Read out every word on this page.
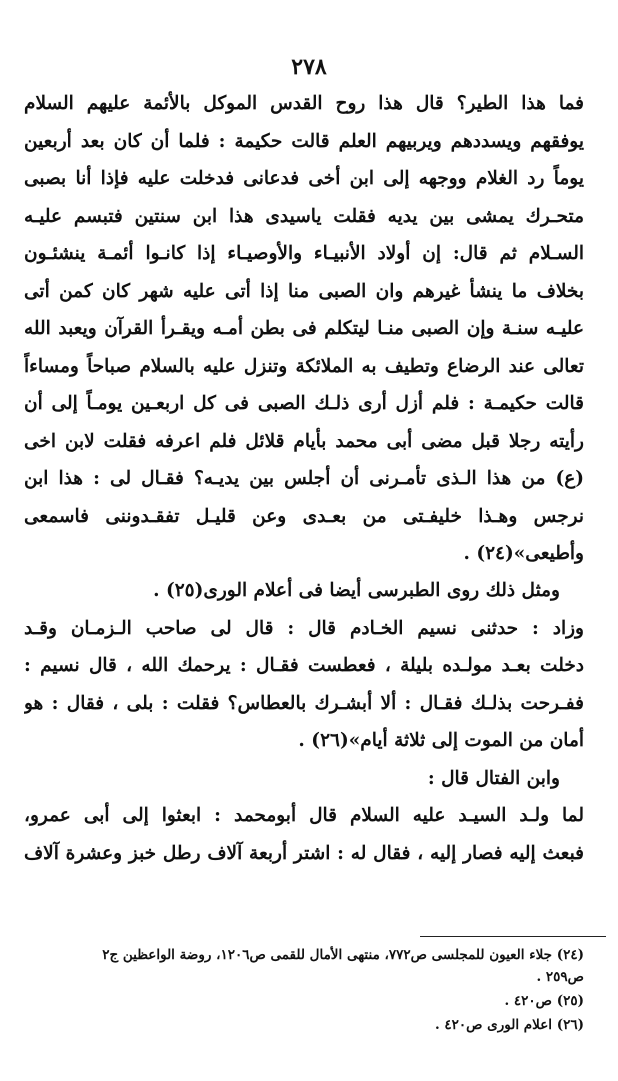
٢٧٨
فما هذا الطير؟ قال هذا روح القدس الموكل بالأئمة عليهم السلام
يوفقهم ويسددهم ويربيهم العلم قالت حكيمة : فلما أن كان بعد أربعين
يوماً رد الغلام ووجهه إلى ابن أخى فدعانى فدخلت عليه فإذا أنا بصبى
متحـرك يمشى بين يديه فقلت ياسيدى هذا ابن سنتين فتبسم عليـه
السـلام ثم قال: إن أولاد الأنبيـاء والأوصيـاء إذا كانـوا أئمـة ينشئـون
بخلاف ما ينشأ غيرهم وان الصبى منا إذا أتى عليه شهر كان كمن أتى
عليـه سنـة وإن الصبى منـا ليتكلم فى بطن أمـه ويقـرأ القرآن ويعبد الله
تعالى عند الرضاع وتطيف به الملائكة وتنزل عليه بالسلام صباحاً ومساءاً
قالت حكيمـة : فلم أزل أرى ذلـك الصبى فى كل اربعـين يومـاً إلى أن
رأيته رجلا قبل مضى أبى محمد بأيام قلائل فلم اعرفه فقلت لابن اخى
(ع) من هذا الـذى تأمـرنى أن أجلس بين يديـه؟ فقـال لى : هذا ابن
نرجس وهـذا خليفـتى من بعـدى وعن قليـل تفقـدوننى فاسمعى
وأطيعى»(٢٤) .
ومثل ذلك روى الطبرسى أيضا فى أعلام الورى(٢٥) .
وزاد : حدثنى نسيم الخـادم قال : قال لى صاحب الـزمـان وقـد
دخلت بعـد مولـده بليلة ، فعطست فقـال : يرحمك الله ، قال نسيم :
ففـرحت بذلـك فقـال : ألا أبشـرك بالعطاس؟ فقلت : بلى ، فقال : هو
أمان من الموت إلى ثلاثة أيام»(٢٦) .
وابن الفتال قال :
لما ولـد السيـد عليه السلام قال أبومحمد : ابعثوا إلى أبى عمرو،
فبعث إليه فصار إليه ، فقال له : اشتر أربعة آلاف رطل خبز وعشرة آلاف
(٢٤) جلاء العيون للمجلسى ص٧٧٢، منتهى الأمال للقمى ص١٢٠٦، روضة الواعظين ج٢
ص٢٥٩ .
(٢٥) ص٤٢٠ .
(٢٦) اعلام الورى ص٤٢٠ .
